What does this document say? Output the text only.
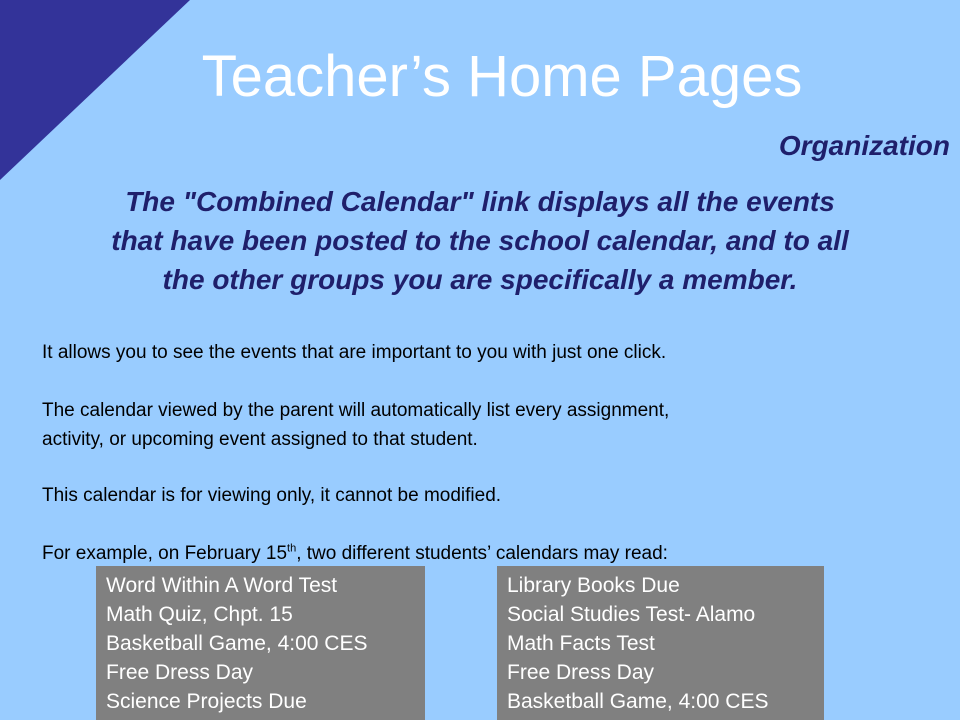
Teacher’s Home Pages
Organization
The "Combined Calendar" link displays all the events
that have been posted to the school calendar, and to all
the other groups you are specifically a member.
It allows you to see the events that are important to you with just one click.
The calendar viewed by the parent will automatically list every assignment,
activity, or upcoming event assigned to that student.
This calendar is for viewing only, it cannot be modified.
For example, on February 15th, two different students’ calendars may read:
Word Within A Word Test
Math Quiz, Chpt. 15
Basketball Game, 4:00 CES
Free Dress Day
Science Projects Due
Library Books Due
Social Studies Test- Alamo
Math Facts Test
Free Dress Day
Basketball Game, 4:00 CES
